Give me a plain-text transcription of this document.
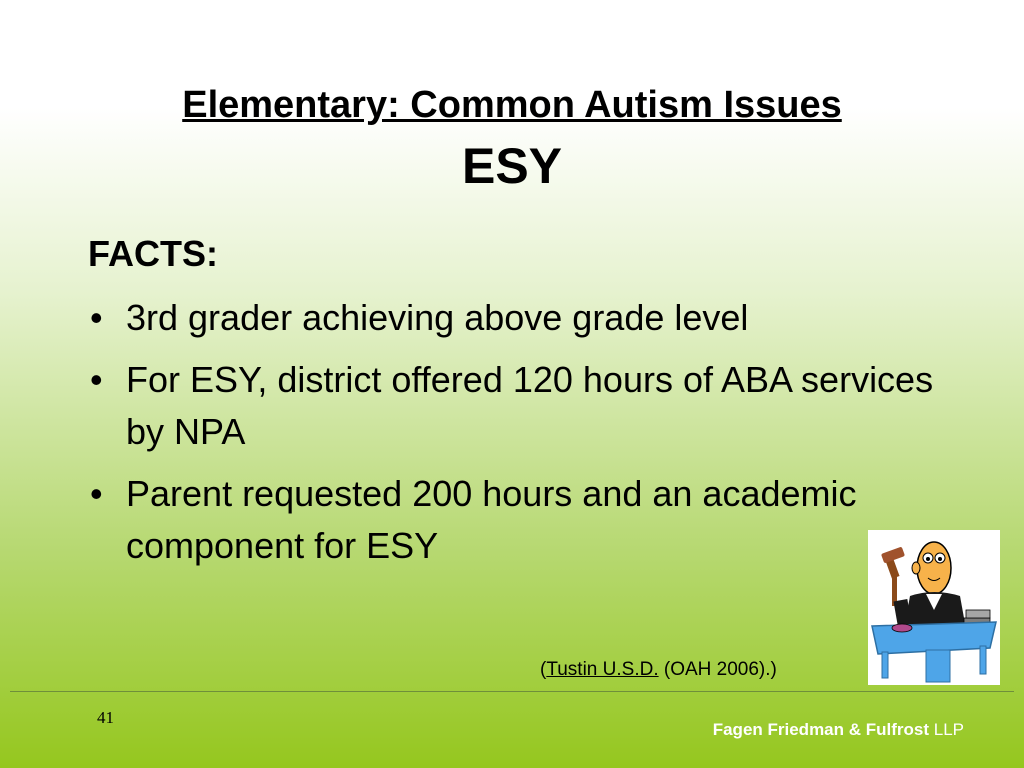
Elementary: Common Autism Issues
ESY
FACTS:
• 3rd grader achieving above grade level
• For ESY, district offered 120 hours of ABA services by NPA
• Parent requested 200 hours and an academic component for ESY
(Tustin U.S.D. (OAH 2006).)
41
Fagen Friedman & Fulfrost LLP
